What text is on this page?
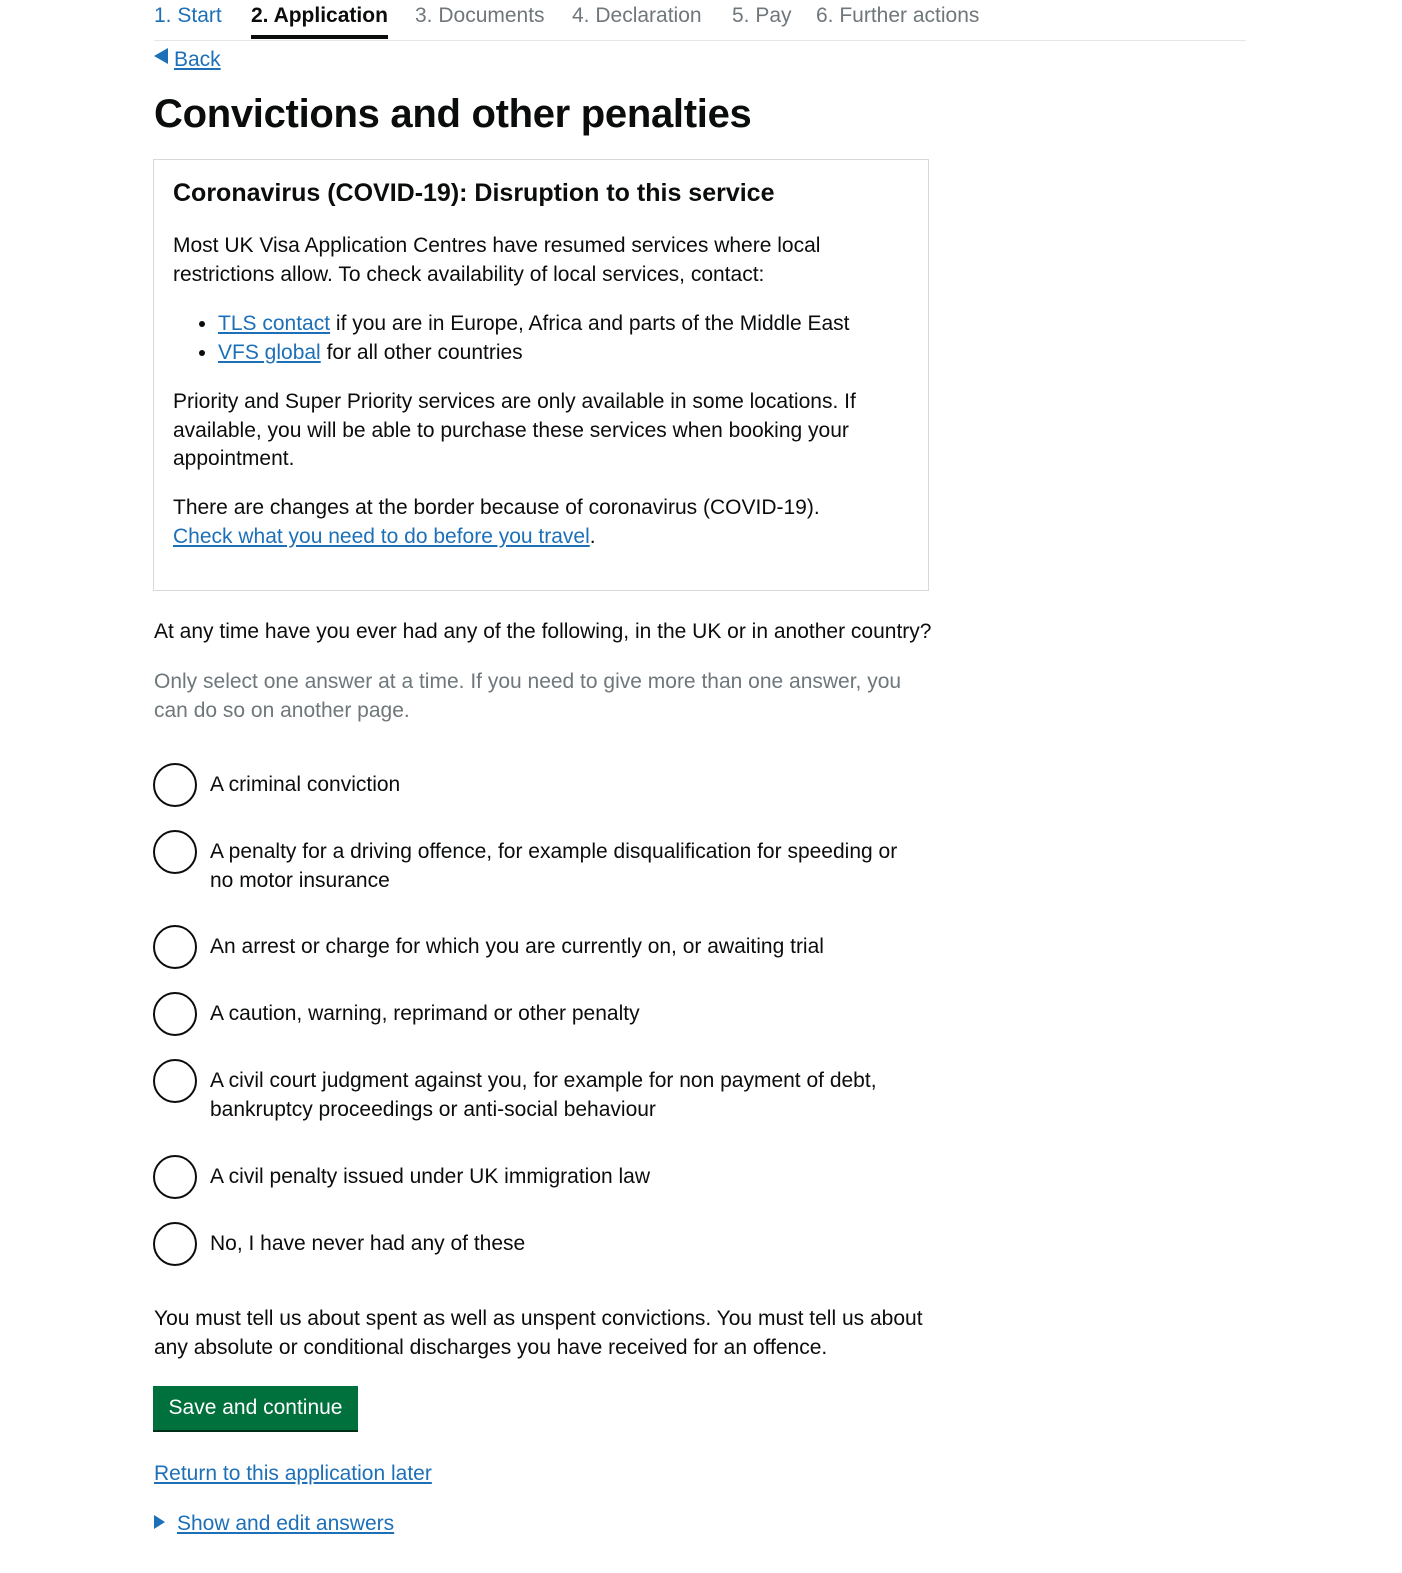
1. Start 2. Application 3. Documents 4. Declaration 5. Pay 6. Further actions
Back
Convictions and other penalties
Coronavirus (COVID-19): Disruption to this service

Most UK Visa Application Centres have resumed services where local restrictions allow. To check availability of local services, contact:

• TLS contact if you are in Europe, Africa and parts of the Middle East
• VFS global for all other countries

Priority and Super Priority services are only available in some locations. If available, you will be able to purchase these services when booking your appointment.

There are changes at the border because of coronavirus (COVID-19). Check what you need to do before you travel.

At any time have you ever had any of the following, in the UK or in another country?

Only select one answer at a time. If you need to give more than one answer, you can do so on another page.

A criminal conviction
A penalty for a driving offence, for example disqualification for speeding or no motor insurance
An arrest or charge for which you are currently on, or awaiting trial
A caution, warning, reprimand or other penalty
A civil court judgment against you, for example for non payment of debt, bankruptcy proceedings or anti-social behaviour
A civil penalty issued under UK immigration law
No, I have never had any of these

You must tell us about spent as well as unspent convictions. You must tell us about any absolute or conditional discharges you have received for an offence.

Save and continue
Return to this application later
Show and edit answers
